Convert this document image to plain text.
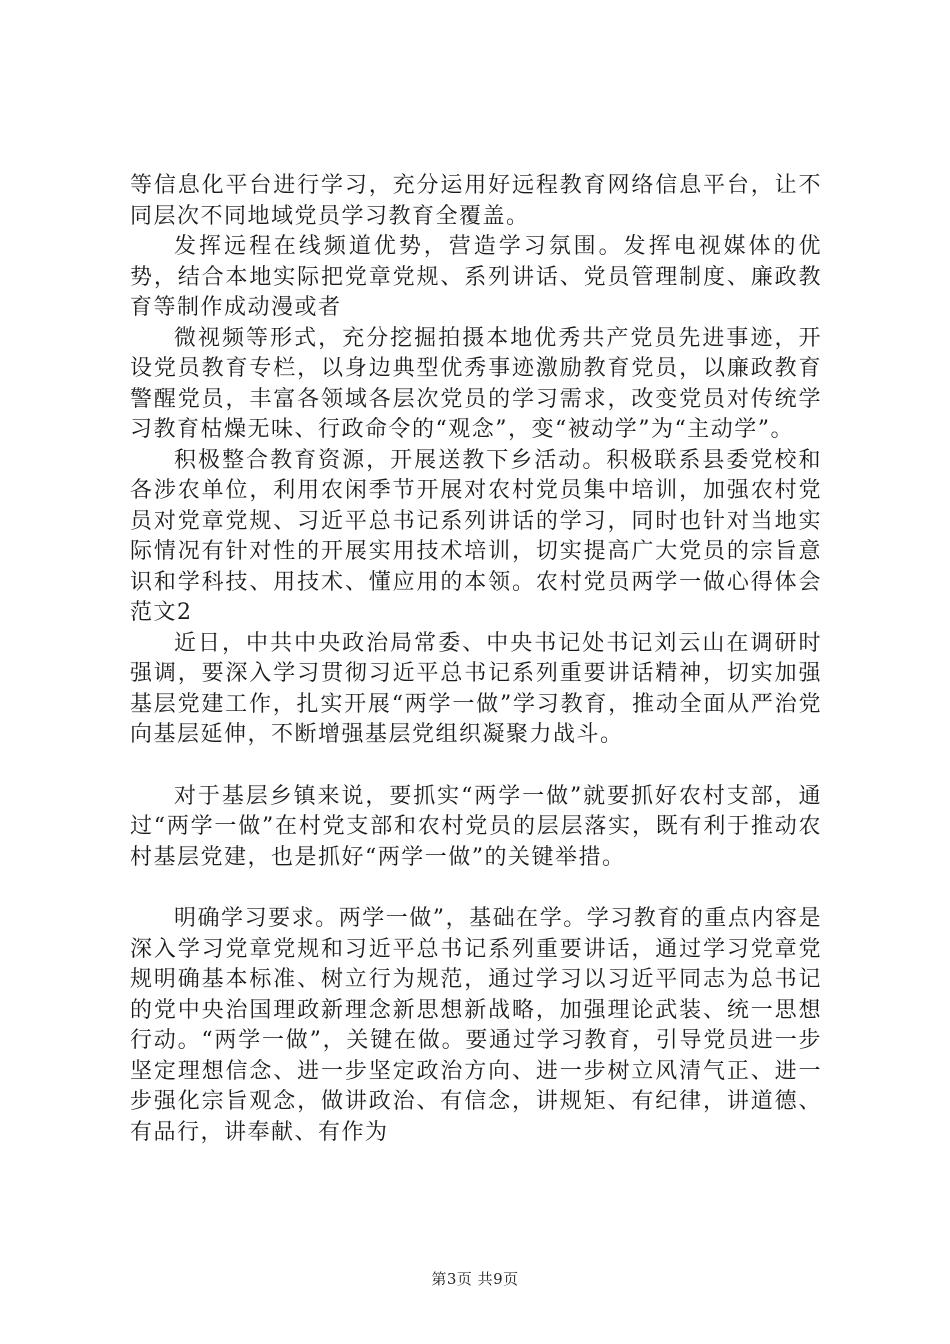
等信息化平台进行学习，充分运用好远程教育网络信息平台，让不同层次不同地域党员学习教育全覆盖。

发挥远程在线频道优势，营造学习氛围。发挥电视媒体的优势，结合本地实际把党章党规、系列讲话、党员管理制度、廉政教育等制作成动漫或者

微视频等形式，充分挖掘拍摄本地优秀共产党员先进事迹，开设党员教育专栏，以身边典型优秀事迹激励教育党员，以廉政教育警醒党员，丰富各领域各层次党员的学习需求，改变党员对传统学习教育枯燥无味、行政命令的“观念”，变“被动学”为“主动学”。

积极整合教育资源，开展送教下乡活动。积极联系县委党校和各涉农单位，利用农闲季节开展对农村党员集中培训，加强农村党员对党章党规、习近平总书记系列讲话的学习，同时也针对当地实际情况有针对性的开展实用技术培训，切实提高广大党员的宗旨意识和学科技、用技术、懂应用的本领。农村党员两学一做心得体会范文2

近日，中共中央政治局常委、中央书记处书记刘云山在调研时强调，要深入学习贯彻习近平总书记系列重要讲话精神，切实加强基层党建工作，扎实开展“两学一做”学习教育，推动全面从严治党向基层延伸，不断增强基层党组织凝聚力战斗。

对于基层乡镇来说，要抓实“两学一做”就要抓好农村支部，通过“两学一做”在村党支部和农村党员的层层落实，既有利于推动农村基层党建，也是抓好“两学一做”的关键举措。

明确学习要求。两学一做”，基础在学。学习教育的重点内容是深入学习党章党规和习近平总书记系列重要讲话，通过学习党章党规明确基本标准、树立行为规范，通过学习以习近平同志为总书记的党中央治国理政新理念新思想新战略，加强理论武装、统一思想行动。“两学一做”，关键在做。要通过学习教育，引导党员进一步坚定理想信念、进一步坚定政治方向、进一步树立风清气正、进一步强化宗旨观念，做讲政治、有信念，讲规矩、有纪律，讲道德、有品行，讲奉献、有作为

第3页 共9页
